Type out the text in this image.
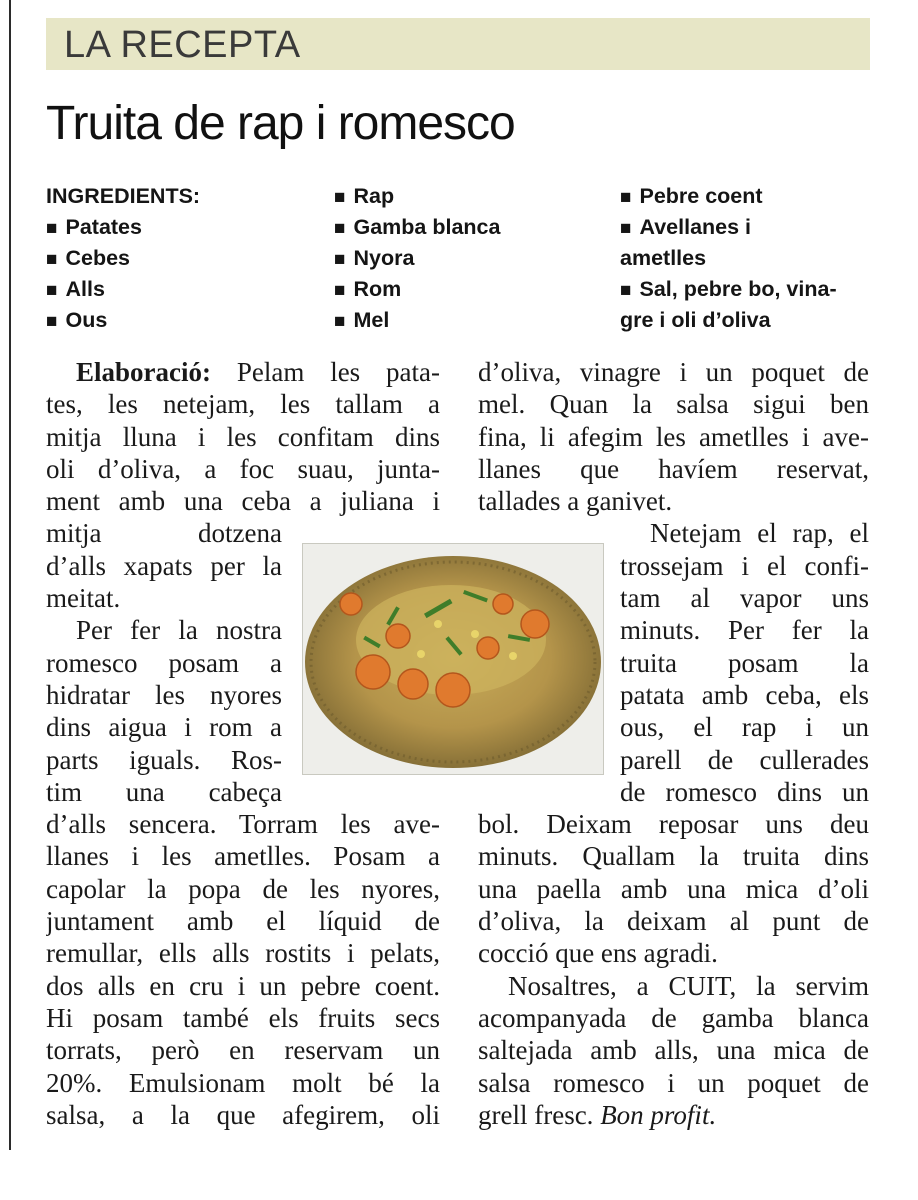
LA RECEPTA
Truita de rap i romesco
INGREDIENTS:
■ Patates
■ Cebes
■ Alls
■ Ous
■ Rap
■ Gamba blanca
■ Nyora
■ Rom
■ Mel
■ Pebre coent
■ Avellanes i
ametlles
■ Sal, pebre bo, vina-
gre i oli d’oliva
Elaboració: Pelam les pata-
tes, les netejam, les tallam a
mitja lluna i les confitam dins
oli d’oliva, a foc suau, junta-
ment amb una ceba a juliana i
mitja dotzena
d’alls xapats per la
meitat.
Per fer la nostra
romesco posam a
hidratar les nyores
dins aigua i rom a
parts iguals. Ros-
tim una cabeça
d’alls sencera. Torram les ave-
llanes i les ametlles. Posam a
capolar la popa de les nyores,
juntament amb el líquid de
remullar, ells alls rostits i pelats,
dos alls en cru i un pebre coent.
Hi posam també els fruits secs
torrats, però en reservam un
20%. Emulsionam molt bé la
salsa, a la que afegirem, oli
d’oliva, vinagre i un poquet de
mel. Quan la salsa sigui ben
fina, li afegim les ametlles i ave-
llanes que havíem reservat,
tallades a ganivet.
Netejam el rap, el
trossejam i el confi-
tam al vapor uns
minuts. Per fer la
truita posam la
patata amb ceba, els
ous, el rap i un
parell de cullerades
de romesco dins un
bol. Deixam reposar uns deu
minuts. Quallam la truita dins
una paella amb una mica d’oli
d’oliva, la deixam al punt de
cocció que ens agradi.
Nosaltres, a CUIT, la servim
acompanyada de gamba blanca
saltejada amb alls, una mica de
salsa romesco i un poquet de
grell fresc. Bon profit.
